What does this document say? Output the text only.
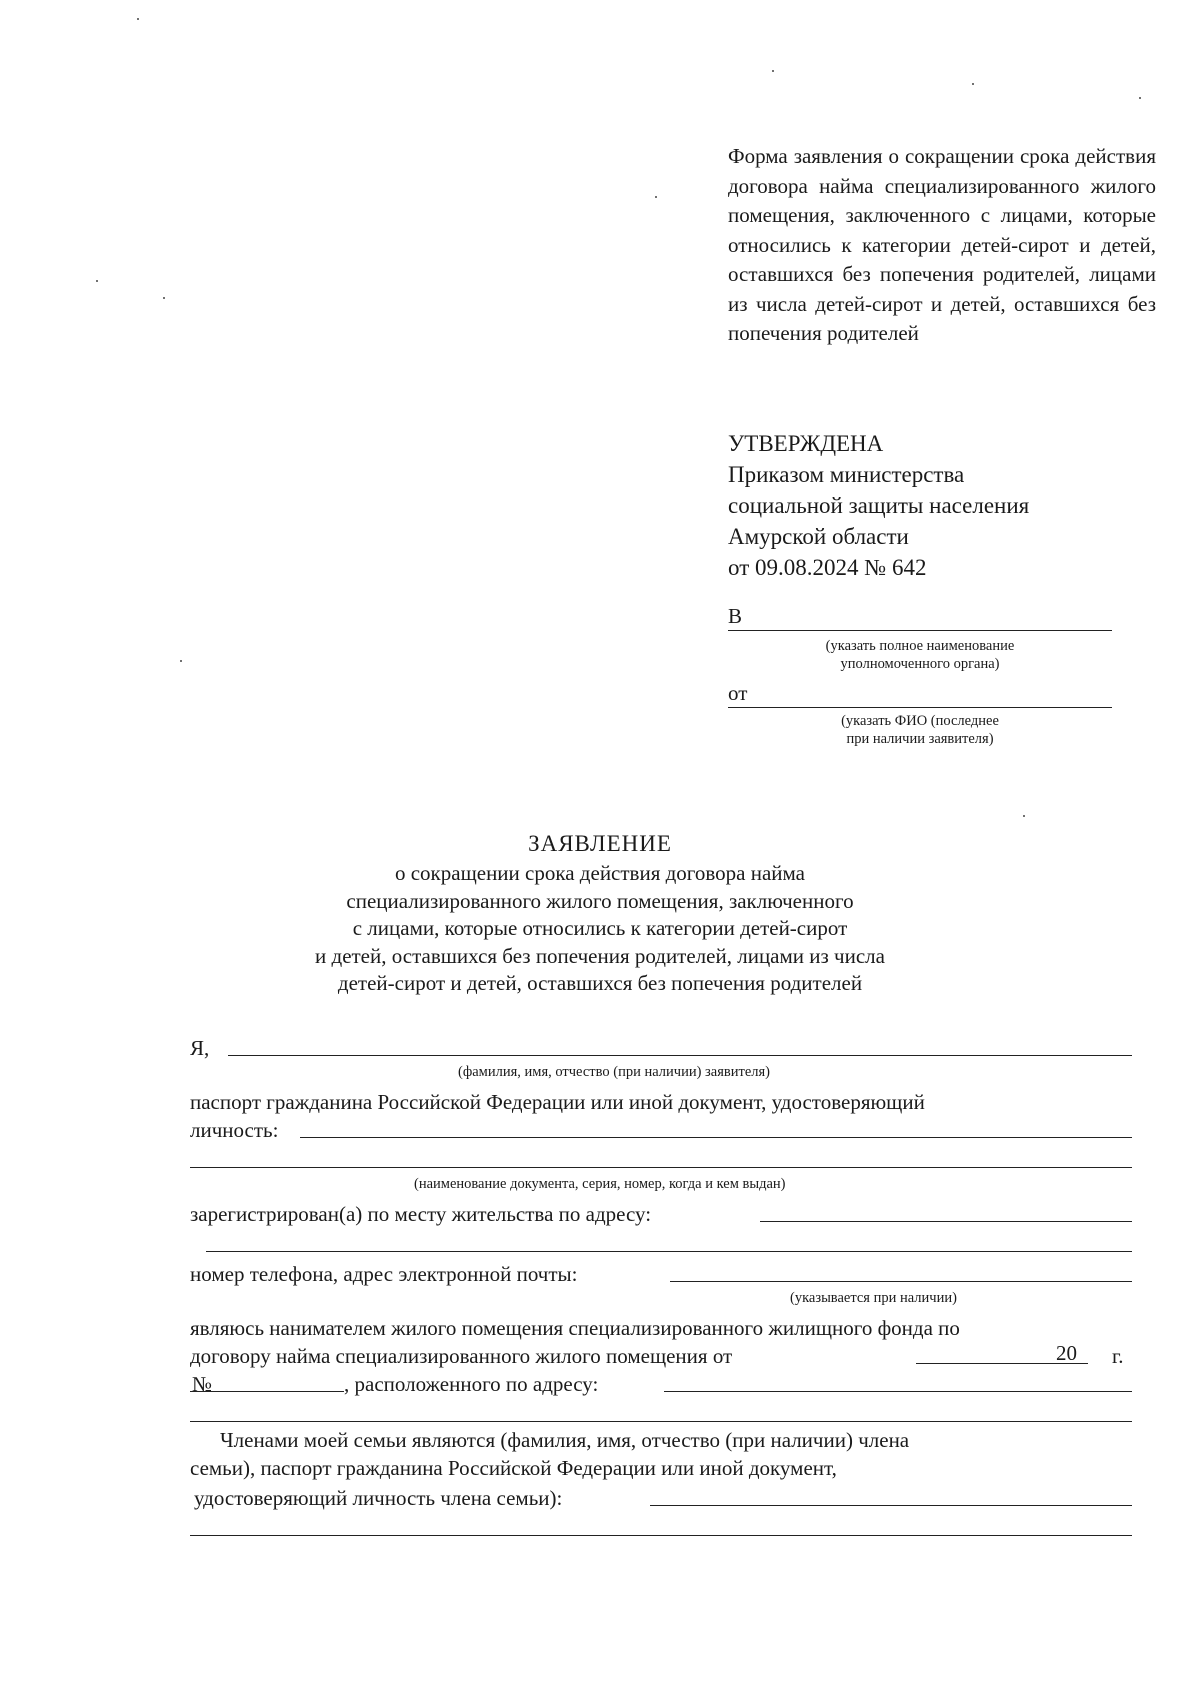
Форма заявления о сокращении срока действия договора найма специализированного жилого помещения, заключенного с лицами, которые относились к категории детей-сирот и детей, оставшихся без попечения родителей, лицами из числа детей-сирот и детей, оставшихся без попечения родителей
УТВЕРЖДЕНА
Приказом министерства
социальной защиты населения
Амурской области
от 09.08.2024 № 642
В
(указать полное наименование
уполномоченного органа)
от
(указать ФИО (последнее
при наличии заявителя)
ЗАЯВЛЕНИЕ
о сокращении срока действия договора найма
специализированного жилого помещения, заключенного
с лицами, которые относились к категории детей-сирот
и детей, оставшихся без попечения родителей, лицами из числа
детей-сирот и детей, оставшихся без попечения родителей
Я,
(фамилия, имя, отчество (при наличии) заявителя)
паспорт гражданина Российской Федерации или иной документ, удостоверяющий
личность:
(наименование документа, серия, номер, когда и кем выдан)
зарегистрирован(а) по месту жительства по адресу:
номер телефона, адрес электронной почты:
(указывается при наличии)
являюсь нанимателем жилого помещения специализированного жилищного фонда по
договору найма специализированного жилого помещения от	20 г.
№	, расположенного по адресу:
Членами моей семьи являются (фамилия, имя, отчество (при наличии) члена
семьи), паспорт гражданина Российской Федерации или иной документ,
удостоверяющий личность члена семьи):
